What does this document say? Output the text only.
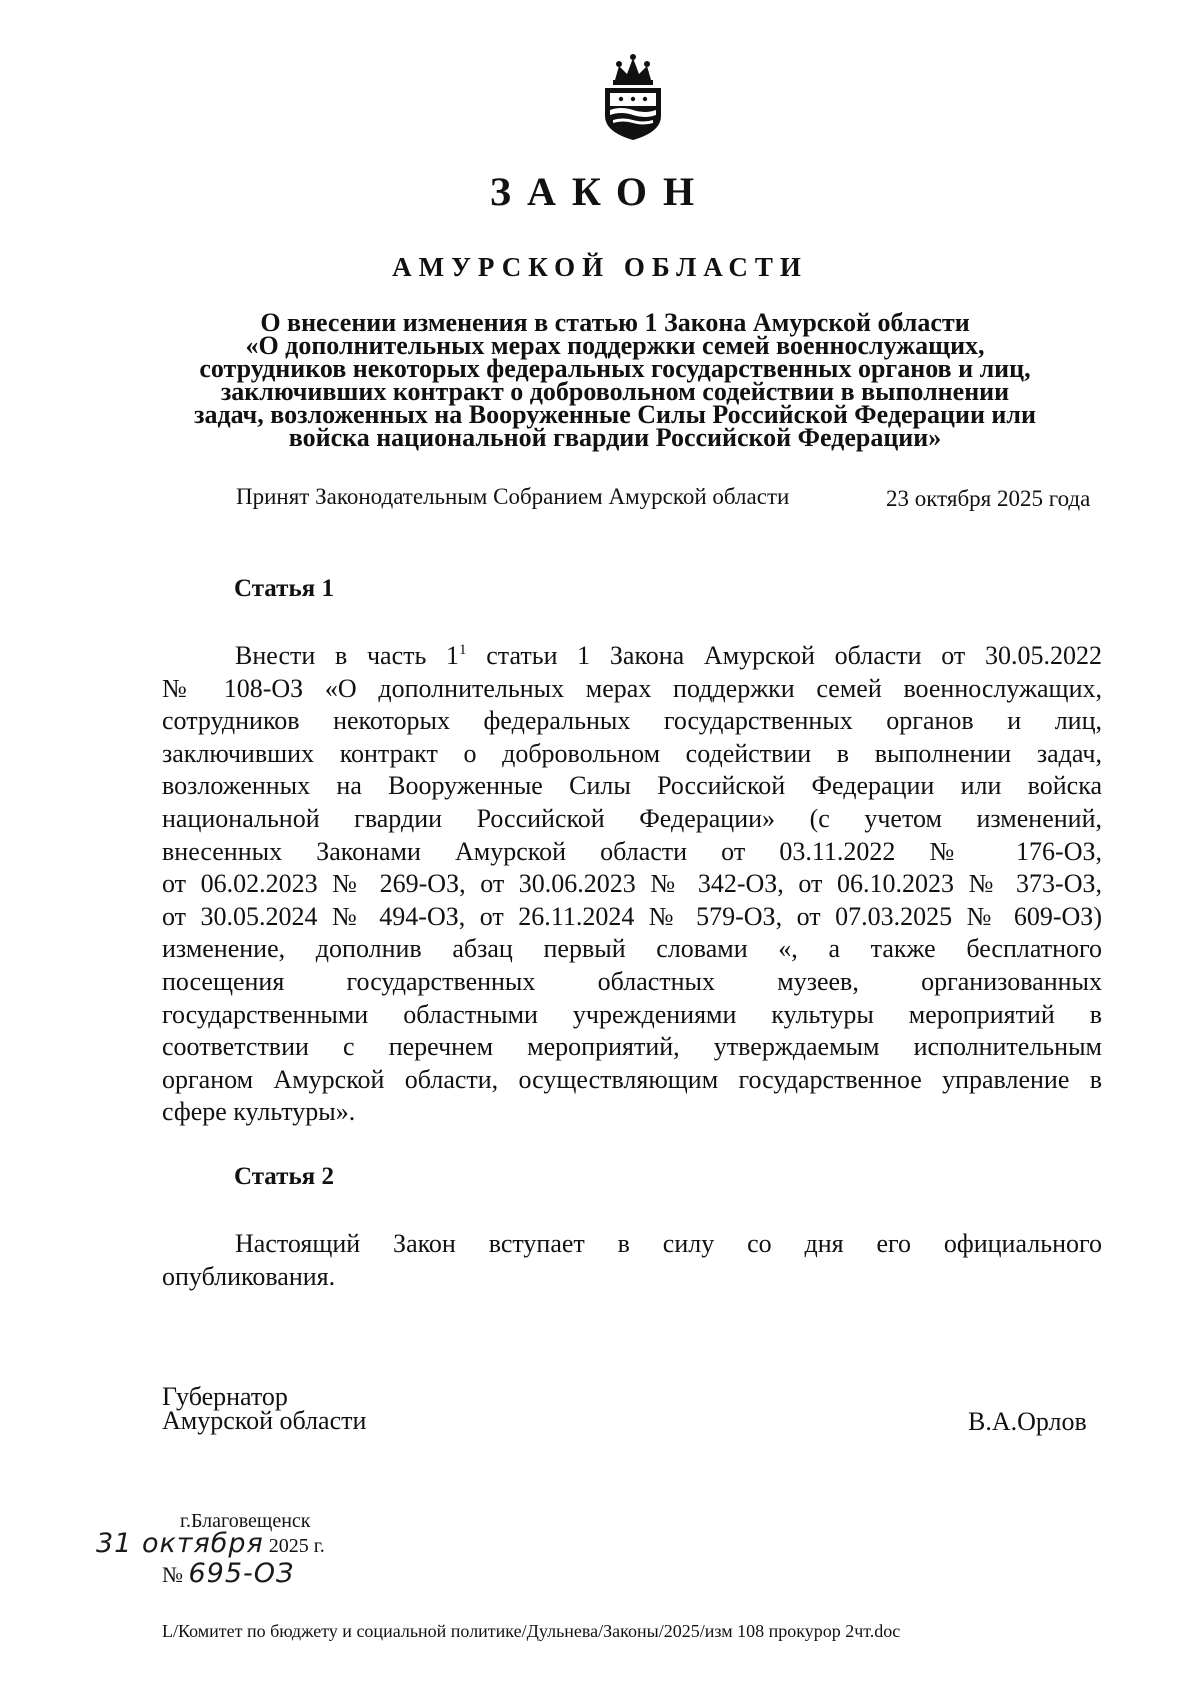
ЗАКОН
АМУРСКОЙ ОБЛАСТИ
О внесении изменения в статью 1 Закона Амурской области
«О дополнительных мерах поддержки семей военнослужащих,
сотрудников некоторых федеральных государственных органов и лиц,
заключивших контракт о добровольном содействии в выполнении
задач, возложенных на Вооруженные Силы Российской Федерации или
войска национальной гвардии Российской Федерации»
Принят Законодательным Собранием Амурской области	23 октября 2025 года
Статья 1
Внести в часть $1^1$ статьи 1 Закона Амурской области от 30.05.2022
№ 108-ОЗ «О дополнительных мерах поддержки семей военнослужащих,
сотрудников некоторых федеральных государственных органов и лиц,
заключивших контракт о добровольном содействии в выполнении задач,
возложенных на Вооруженные Силы Российской Федерации или войска
национальной гвардии Российской Федерации» (с учетом изменений,
внесенных Законами Амурской области от 03.11.2022 № 176-ОЗ,
от 06.02.2023 № 269-ОЗ, от 30.06.2023 № 342-ОЗ, от 06.10.2023 № 373-ОЗ,
от 30.05.2024 № 494-ОЗ, от 26.11.2024 № 579-ОЗ, от 07.03.2025 № 609-ОЗ)
изменение, дополнив абзац первый словами «, а также бесплатного
посещения государственных областных музеев, организованных
государственными областными учреждениями культуры мероприятий в
соответствии с перечнем мероприятий, утверждаемым исполнительным
органом Амурской области, осуществляющим государственное управление в
сфере культуры».
Статья 2
Настоящий Закон вступает в силу со дня его официального
опубликования.
Губернатор
Амурской области	В.А.Орлов
г.Благовещенск
31 октября 2025 г.
№ 695-ОЗ
L/Комитет по бюджету и социальной политике/Дульнева/Законы/2025/изм 108 прокурор 2чт.doc
